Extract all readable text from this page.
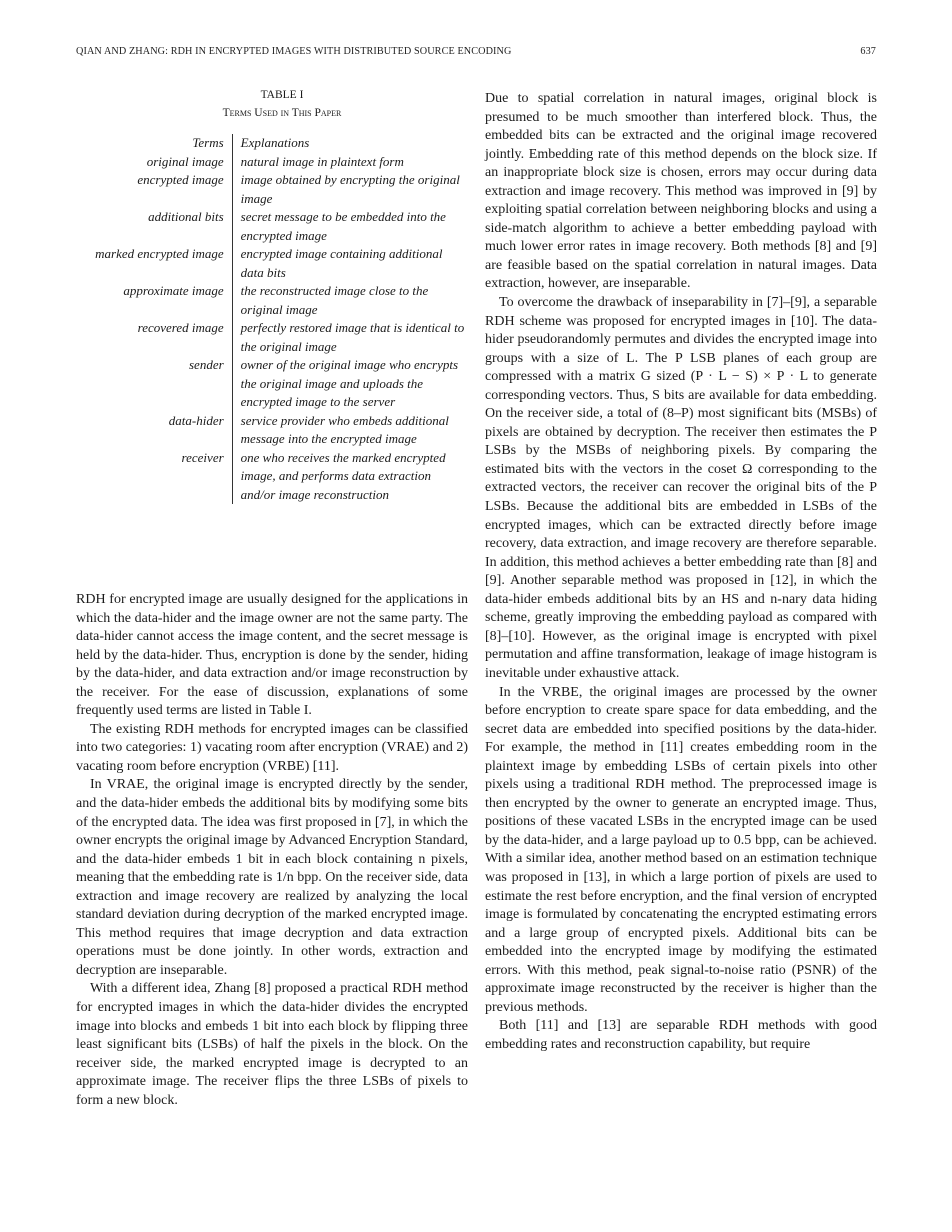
QIAN AND ZHANG: RDH IN ENCRYPTED IMAGES WITH DISTRIBUTED SOURCE ENCODING	637
TABLE I
Terms Used in This Paper
Terms	Explanations
original image	natural image in plaintext form
encrypted image	image obtained by encrypting the original image
additional bits	secret message to be embedded into the encrypted image
marked encrypted image	encrypted image containing additional data bits
approximate image	the reconstructed image close to the original image
recovered image	perfectly restored image that is identical to the original image
sender	owner of the original image who encrypts the original image and uploads the encrypted image to the server
data-hider	service provider who embeds additional message into the encrypted image
receiver	one who receives the marked encrypted image, and performs data extraction and/or image reconstruction

RDH for encrypted image are usually designed for the applications in which the data-hider and the image owner are not the same party. The data-hider cannot access the image content, and the secret message is held by the data-hider. Thus, encryption is done by the sender, hiding by the data-hider, and data extraction and/or image reconstruction by the receiver. For the ease of discussion, explanations of some frequently used terms are listed in Table I.

The existing RDH methods for encrypted images can be classified into two categories: 1) vacating room after encryption (VRAE) and 2) vacating room before encryption (VRBE) [11].

In VRAE, the original image is encrypted directly by the sender, and the data-hider embeds the additional bits by modifying some bits of the encrypted data. The idea was first proposed in [7], in which the owner encrypts the original image by Advanced Encryption Standard, and the data-hider embeds 1 bit in each block containing n pixels, meaning that the embedding rate is 1/n bpp. On the receiver side, data extraction and image recovery are realized by analyzing the local standard deviation during decryption of the marked encrypted image. This method requires that image decryption and data extraction operations must be done jointly. In other words, extraction and decryption are inseparable.

With a different idea, Zhang [8] proposed a practical RDH method for encrypted images in which the data-hider divides the encrypted image into blocks and embeds 1 bit into each block by flipping three least significant bits (LSBs) of half the pixels in the block. On the receiver side, the marked encrypted image is decrypted to an approximate image. The receiver flips the three LSBs of pixels to form a new block.

Due to spatial correlation in natural images, original block is presumed to be much smoother than interfered block. Thus, the embedded bits can be extracted and the original image recovered jointly. Embedding rate of this method depends on the block size. If an inappropriate block size is chosen, errors may occur during data extraction and image recovery. This method was improved in [9] by exploiting spatial correlation between neighboring blocks and using a side-match algorithm to achieve a better embedding payload with much lower error rates in image recovery. Both methods [8] and [9] are feasible based on the spatial correlation in natural images. Data extraction, however, are inseparable.

To overcome the drawback of inseparability in [7]–[9], a separable RDH scheme was proposed for encrypted images in [10]. The data-hider pseudorandomly permutes and divides the encrypted image into groups with a size of L. The P LSB planes of each group are compressed with a matrix G sized (P · L − S) × P · L to generate corresponding vectors. Thus, S bits are available for data embedding. On the receiver side, a total of (8–P) most significant bits (MSBs) of pixels are obtained by decryption. The receiver then estimates the P LSBs by the MSBs of neighboring pixels. By comparing the estimated bits with the vectors in the coset Ω corresponding to the extracted vectors, the receiver can recover the original bits of the P LSBs. Because the additional bits are embedded in LSBs of the encrypted images, which can be extracted directly before image recovery, data extraction, and image recovery are therefore separable. In addition, this method achieves a better embedding rate than [8] and [9]. Another separable method was proposed in [12], in which the data-hider embeds additional bits by an HS and n-nary data hiding scheme, greatly improving the embedding payload as compared with [8]–[10]. However, as the original image is encrypted with pixel permutation and affine transformation, leakage of image histogram is inevitable under exhaustive attack.

In the VRBE, the original images are processed by the owner before encryption to create spare space for data embedding, and the secret data are embedded into specified positions by the data-hider. For example, the method in [11] creates embedding room in the plaintext image by embedding LSBs of certain pixels into other pixels using a traditional RDH method. The preprocessed image is then encrypted by the owner to generate an encrypted image. Thus, positions of these vacated LSBs in the encrypted image can be used by the data-hider, and a large payload up to 0.5 bpp, can be achieved. With a similar idea, another method based on an estimation technique was proposed in [13], in which a large portion of pixels are used to estimate the rest before encryption, and the final version of encrypted image is formulated by concatenating the encrypted estimating errors and a large group of encrypted pixels. Additional bits can be embedded into the encrypted image by modifying the estimated errors. With this method, peak signal-to-noise ratio (PSNR) of the approximate image reconstructed by the receiver is higher than the previous methods.

Both [11] and [13] are separable RDH methods with good embedding rates and reconstruction capability, but require
